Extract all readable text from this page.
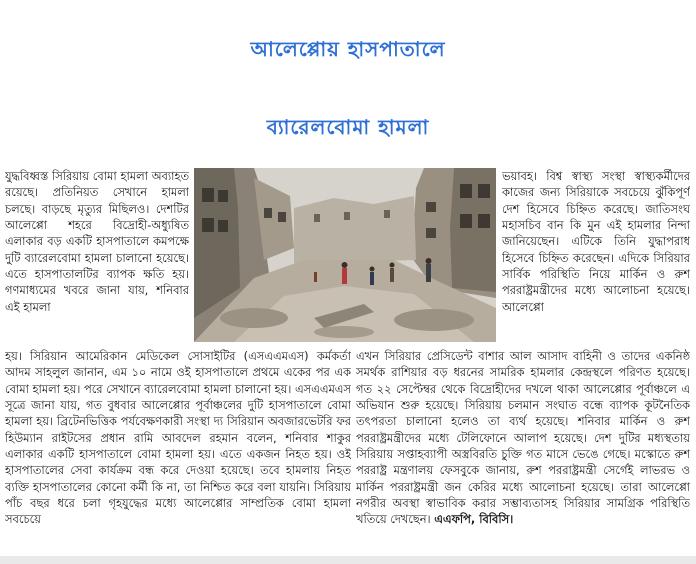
আলেপ্পোয় হাসপাতালে
ব্যারেলবোমা হামলা
যুদ্ধবিধ্বস্ত সিরিয়ায় বোমা হামলা অব্যাহত রয়েছে। প্রতিনিয়ত সেখানে হামলা চলছে। বাড়ছে মৃত্যুর মিছিলও। দেশটির আলেপ্পো শহরে বিদ্রোহী-অধ্যুষিত এলাকার বড় একটি হাসপাতালে কমপক্ষে দুটি ব্যারেলবোমা হামলা চালানো হয়েছে। এতে হাসপাতালটির ব্যাপক ক্ষতি হয়। গণমাধ্যমের খবরে জানা যায়, শনিবার এই হামলা
ভয়াবহ। বিশ্ব স্বাস্থ্য সংস্থা স্বাস্থ্যকর্মীদের কাজের জন্য সিরিয়াকে সবচেয়ে ঝুঁকিপূর্ণ দেশ হিসেবে চিহ্নিত করেছে। জাতিসংঘ মহাসচিব বান কি মুন এই হামলার নিন্দা জানিয়েছেন। এটিকে তিনি যুদ্ধাপরাধ হিসেবে চিহ্নিত করেছেন। এদিকে সিরিয়ার সার্বিক পরিস্থিতি নিয়ে মার্কিন ও রুশ পররাষ্ট্রমন্ত্রীদের মধ্যে আলোচনা হয়েছে। আলেপ্পো
হয়। সিরিয়ান আমেরিকান মেডিকেল সোসাইটির (এসএএমএস) কর্মকর্তা আদম সাহলুল জানান, এম ১০ নামে ওই হাসপাতালে প্রথমে একের পর এক বোমা হামলা হয়। পরে সেখানে ব্যারেলবোমা হামলা চালানো হয়। এসএএমএস সূত্রে জানা যায়, গত বুধবার আলেপ্পোর পূর্বাঞ্চলের দুটি হাসপাতালে বোমা হামলা হয়। ব্রিটেনভিত্তিক পর্যবেক্ষণকারী সংস্থা দ্য সিরিয়ান অবজারভেটরি ফর হিউম্যান রাইটসের প্রধান রামি আবদেল রহমান বলেন, শনিবার শাকুর এলাকার একটি হাসপাতালে বোমা হামলা হয়। এতে একজন নিহত হয়। ওই হাসপাতালের সেবা কার্যক্রম বন্ধ করে দেওয়া হয়েছে। তবে হামলায় নিহত ব্যক্তি হাসপাতালের কোনো কর্মী কি না, তা নিশ্চিত করে বলা যায়নি। সিরিয়ায় পাঁচ বছর ধরে চলা গৃহযুদ্ধের মধ্যে আলেপ্পোর সাম্প্রতিক বোমা হামলা সবচেয়ে
এখন সিরিয়ার প্রেসিডেন্ট বাশার আল আসাদ বাহিনী ও তাদের একনিষ্ঠ সমর্থক রাশিয়ার বড় ধরনের সামরিক হামলার কেন্দ্রস্থলে পরিণত হয়েছে। গত ২২ সেপ্টেম্বর থেকে বিদ্রোহীদের দখলে থাকা আলেপ্পোর পূর্বাঞ্চলে এ অভিযান শুরু হয়েছে। সিরিয়ায় চলমান সংঘাত বন্ধে ব্যাপক কূটনৈতিক তৎপরতা চালানো হলেও তা ব্যর্থ হয়েছে। শনিবার মার্কিন ও রুশ পররাষ্ট্রমন্ত্রীদের মধ্যে টেলিফোনে আলাপ হয়েছে। দেশ দুটির মধ্যস্থতায় সিরিয়ায় সপ্তাহব্যাপী অস্ত্রবিরতি চুক্তি গত মাসে ভেঙে গেছে। মস্কোতে রুশ পররাষ্ট্র মন্ত্রণালয় ফেসবুকে জানায়, রুশ পররাষ্ট্রমন্ত্রী সের্গেই লাভরভ ও মার্কিন পররাষ্ট্রমন্ত্রী জন কেরির মধ্যে আলোচনা হয়েছে। তারা আলেপ্পো নগরীর অবস্থা স্বাভাবিক করার সম্ভাব্যতাসহ সিরিয়ার সামগ্রিক পরিস্থিতি খতিয়ে দেখছেন। এএফপি, বিবিসি।
